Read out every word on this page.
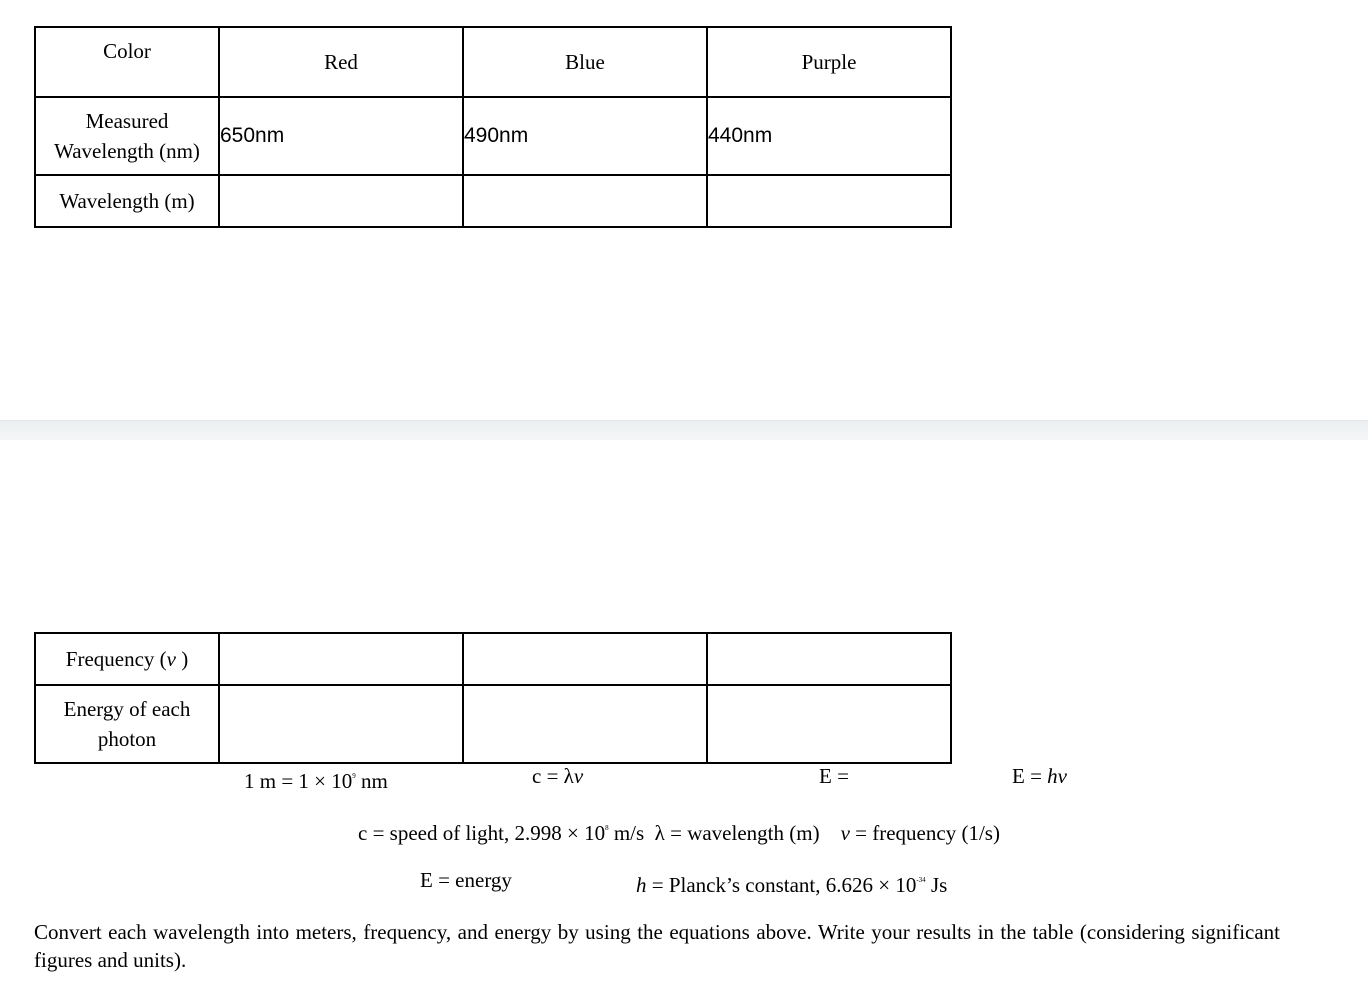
Color	Red	Blue	Purple

Measured
Wavelength (nm)	650nm	490nm	440nm
Wavelength (m)			
Frequency (v )			

Energy of each
photon			

1 $m = 1 \times 10^9$ nm	c = λv	E =	E = hv
c = speed of light, $2.998 \times 10^8$ m/s λ = wavelength (m) v = frequency (1/s)
E = energy	h = Planck’s constant, $6.626 \times 10^{-34}$ Js
Convert each wavelength into meters, frequency, and energy by using the equations above. Write your results in the table (considering significant figures and units).
